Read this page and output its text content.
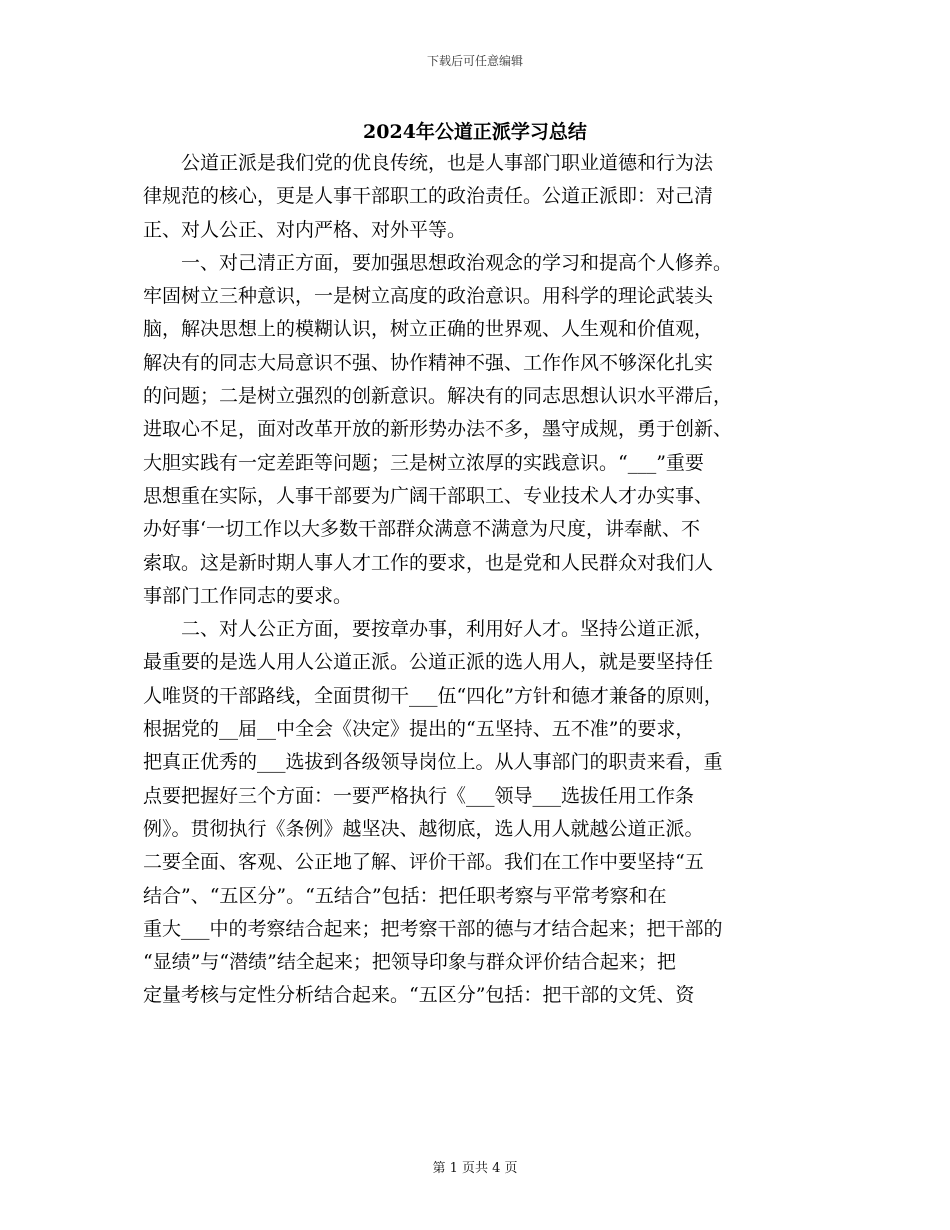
下载后可任意编辑
2024年公道正派学习总结
　　公道正派是我们党的优良传统，也是人事部门职业道德和行为法
律规范的核心，更是人事干部职工的政治责任。公道正派即：对己清
正、对人公正、对内严格、对外平等。
　　一、对己清正方面，要加强思想政治观念的学习和提高个人修养。
牢固树立三种意识，一是树立高度的政治意识。用科学的理论武装头
脑，解决思想上的模糊认识，树立正确的世界观、人生观和价值观，
解决有的同志大局意识不强、协作精神不强、工作作风不够深化扎实
的问题；二是树立强烈的创新意识。解决有的同志思想认识水平滞后，
进取心不足，面对改革开放的新形势办法不多，墨守成规，勇于创新、
大胆实践有一定差距等问题；三是树立浓厚的实践意识。“___”重要
思想重在实际，人事干部要为广阔干部职工、专业技术人才办实事、
办好事‘一切工作以大多数干部群众满意不满意为尺度，讲奉献、不
索取。这是新时期人事人才工作的要求，也是党和人民群众对我们人
事部门工作同志的要求。
　　二、对人公正方面，要按章办事，利用好人才。坚持公道正派，
最重要的是选人用人公道正派。公道正派的选人用人，就是要坚持任
人唯贤的干部路线，全面贯彻干___伍“四化”方针和德才兼备的原则，
根据党的__届__中全会《决定》提出的“五坚持、五不准”的要求，
把真正优秀的___选拔到各级领导岗位上。从人事部门的职责来看，重
点要把握好三个方面：一要严格执行《___领导___选拔任用工作条
例》。贯彻执行《条例》越坚决、越彻底，选人用人就越公道正派。
二要全面、客观、公正地了解、评价干部。我们在工作中要坚持“五
结合”、“五区分”。“五结合”包括：把任职考察与平常考察和在
重大___中的考察结合起来；把考察干部的德与才结合起来；把干部的
“显绩”与“潜绩”结全起来；把领导印象与群众评价结合起来；把
定量考核与定性分析结合起来。“五区分”包括：把干部的文凭、资
第 1 页共 4 页
